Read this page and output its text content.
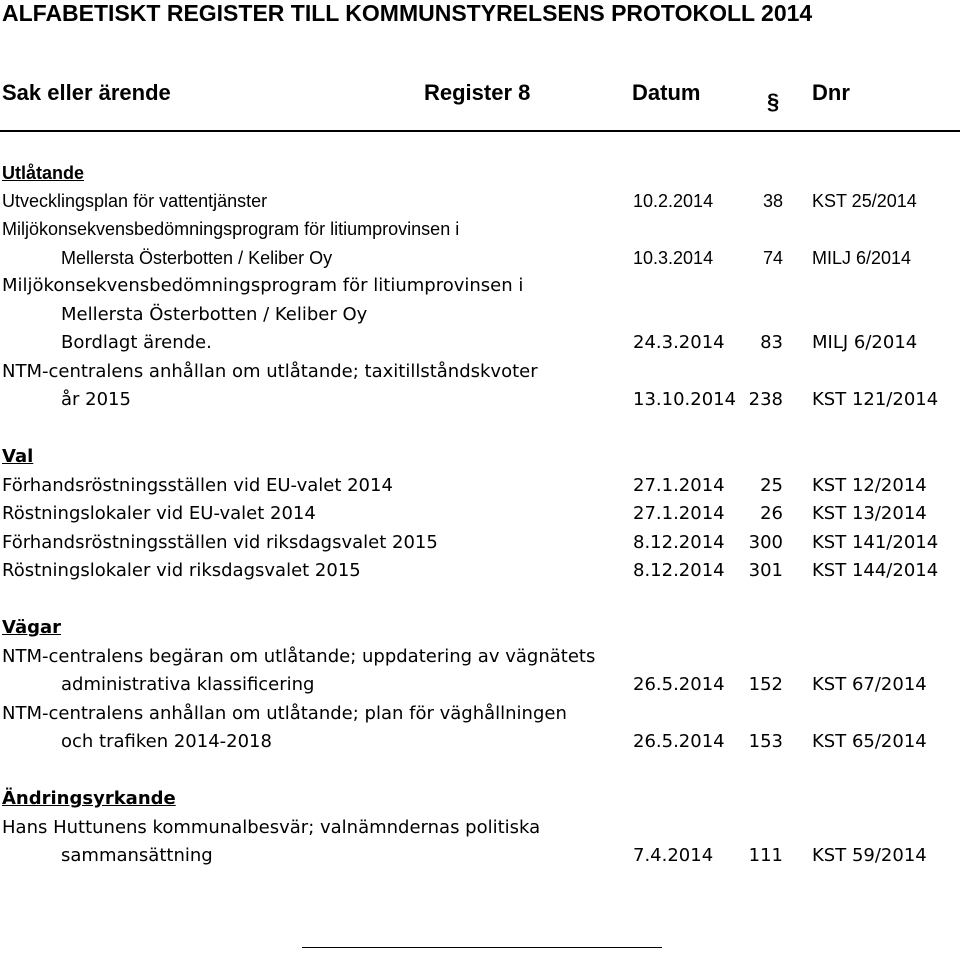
ALFABETISKT REGISTER TILL KOMMUNSTYRELSENS PROTOKOLL 2014
Sak eller ärende	Register 8	Datum	§ Dnr
Utlåtande
Utvecklingsplan för vattentjänster	10.2.2014	38 KST 25/2014
Miljökonsekvensbedömningsprogram för litiumprovinsen i
Mellersta Österbotten / Keliber Oy	10.3.2014	74 MILJ 6/2014
Miljökonsekvensbedömningsprogram för litiumprovinsen i
Mellersta Österbotten / Keliber Oy
Bordlagt ärende.	24.3.2014	83 MILJ 6/2014
NTM-centralens anhållan om utlåtande; taxitillståndskvoter
år 2015	13.10.2014 238 KST 121/2014
Val
Förhandsröstningsställen vid EU-valet 2014	27.1.2014	25 KST 12/2014
Röstningslokaler vid EU-valet 2014	27.1.2014	26 KST 13/2014
Förhandsröstningsställen vid riksdagsvalet 2015	8.12.2014 300 KST 141/2014
Röstningslokaler vid riksdagsvalet 2015	8.12.2014 301 KST 144/2014
Vägar
NTM-centralens begäran om utlåtande; uppdatering av vägnätets
administrativa klassificering	26.5.2014 152 KST 67/2014
NTM-centralens anhållan om utlåtande; plan för väghållningen
och trafiken 2014-2018	26.5.2014 153 KST 65/2014
Ändringsyrkande
Hans Huttunens kommunalbesvär; valnämndernas politiska
sammansättning	7.4.2014 111 KST 59/2014
